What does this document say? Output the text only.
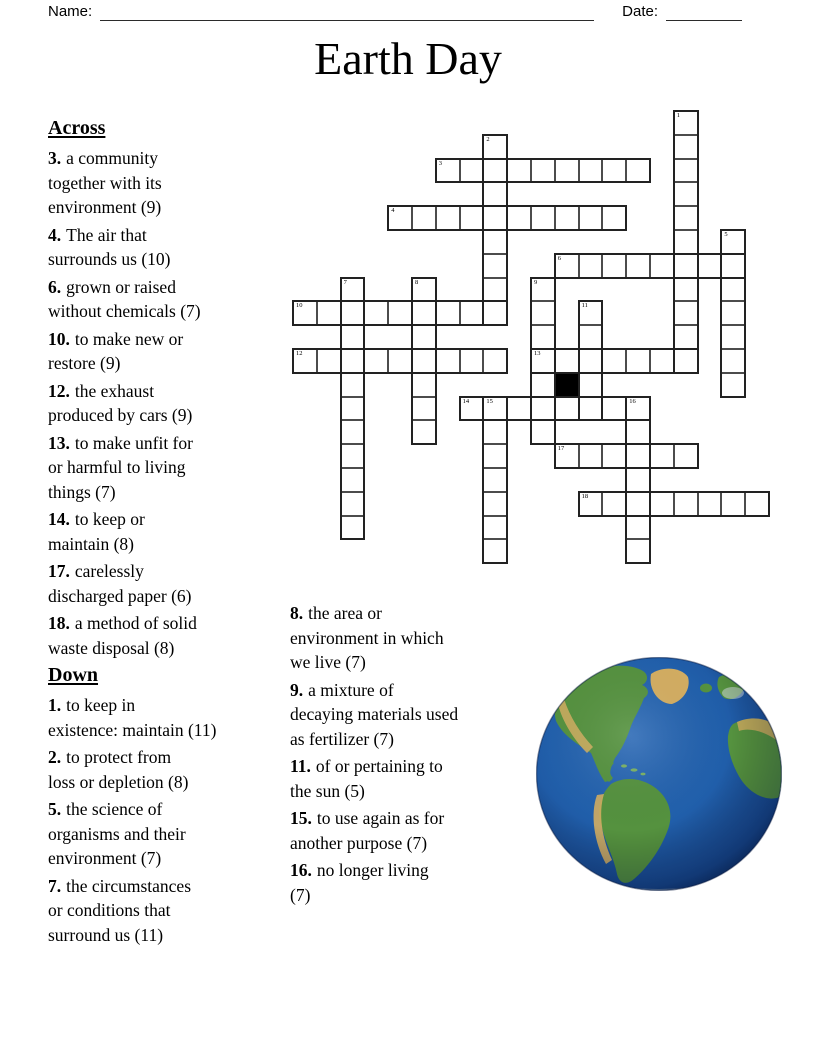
Name:	Date:
Earth Day
Across
3. a community
together with its
environment (9)
4. The air that
surrounds us (10)
6. grown or raised
without chemicals (7)
10. to make new or
restore (9)
12. the exhaust
produced by cars (9)
13. to make unfit for
or harmful to living
things (7)
14. to keep or
maintain (8)
17. carelessly
discharged paper (6)
18. a method of solid
waste disposal (8)
Down
1. to keep in
existence: maintain (11)
2. to protect from
loss or depletion (8)
5. the science of
organisms and their
environment (7)
7. the circumstances
or conditions that
surround us (11)
8. the area or
environment in which
we live (7)
9. a mixture of
decaying materials used
as fertilizer (7)
11. of or pertaining to
the sun (5)
15. to use again as for
another purpose (7)
16. no longer living
(7)
3
4
6
10
12	13
14	15	16
17
18
1
2
5
7	8	9
11
